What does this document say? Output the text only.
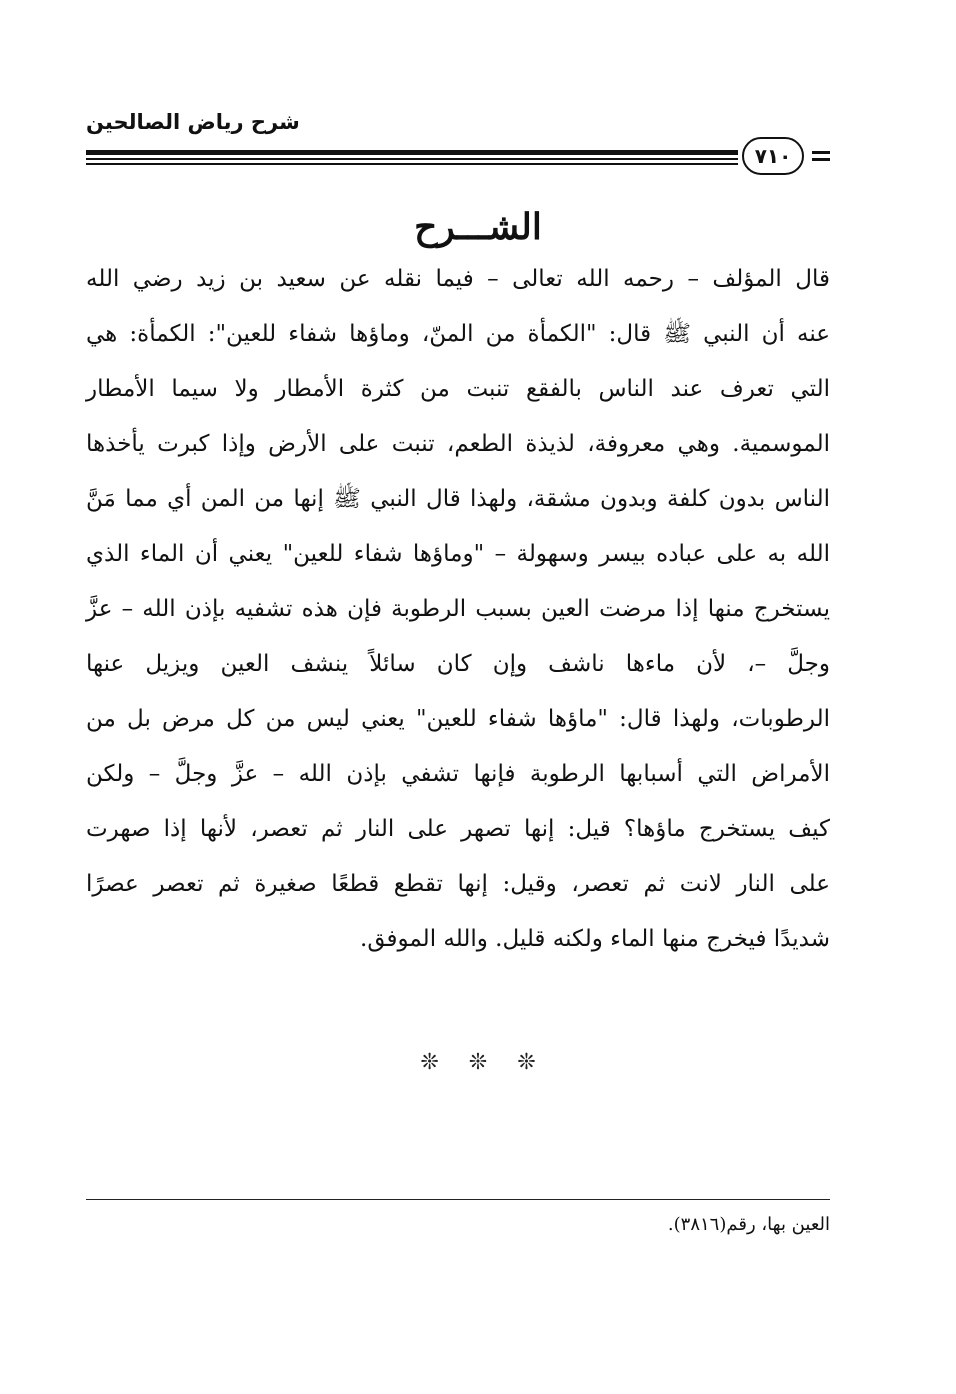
شرح رياض الصالحين
٧١٠
الشـــرح
قال المؤلف – رحمه الله تعالى – فيما نقله عن سعيد بن زيد رضي الله
عنه أن النبي ﷺ قال: "الكمأة من المنّ، وماؤها شفاء للعين": الكمأة: هي
التي تعرف عند الناس بالفقع تنبت من كثرة الأمطار ولا سيما الأمطار
الموسمية. وهي معروفة، لذيذة الطعم، تنبت على الأرض وإذا كبرت يأخذها
الناس بدون كلفة وبدون مشقة، ولهذا قال النبي ﷺ إنها من المن أي مما مَنَّ
الله به على عباده بيسر وسهولة – "وماؤها شفاء للعين" يعني أن الماء الذي
يستخرج منها إذا مرضت العين بسبب الرطوبة فإن هذه تشفيه بإذن الله – عزَّ
وجلَّ –، لأن ماءها ناشف وإن كان سائلاً ينشف العين ويزيل عنها
الرطوبات، ولهذا قال: "ماؤها شفاء للعين" يعني ليس من كل مرض بل من
الأمراض التي أسبابها الرطوبة فإنها تشفي بإذن الله – عزَّ وجلَّ – ولكن
كيف يستخرج ماؤها؟ قيل: إنها تصهر على النار ثم تعصر، لأنها إذا صهرت
على النار لانت ثم تعصر، وقيل: إنها تقطع قطعًا صغيرة ثم تعصر عصرًا
شديدًا فيخرج منها الماء ولكنه قليل. والله الموفق.
❊ ❊ ❊
العين بها، رقم(٣٨١٦).
